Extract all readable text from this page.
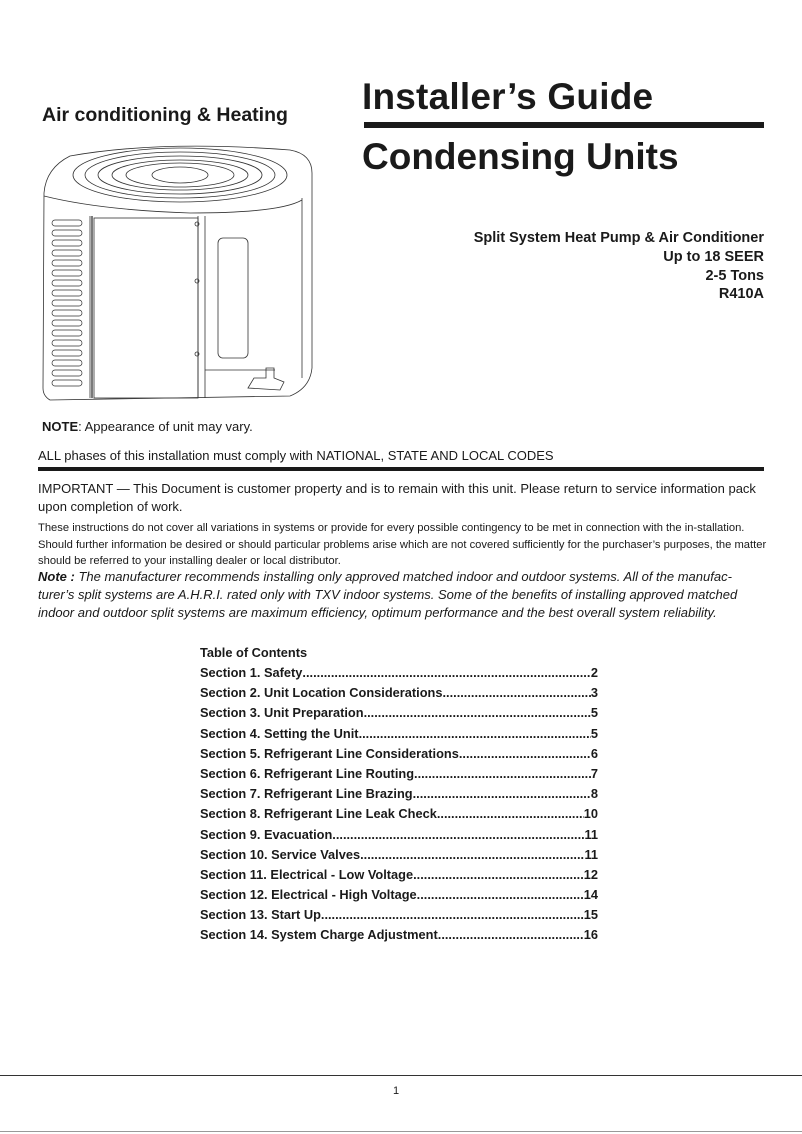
Air conditioning & Heating Installer’s Guide
Condensing Units
Split System Heat Pump & Air Conditioner
Up to 18 SEER
2-5 Tons
R410A
NOTE: Appearance of unit may vary.
ALL phases of this installation must comply with NATIONAL, STATE AND LOCAL CODES
IMPORTANT — This Document is customer property and is to remain with this unit. Please return to service information pack upon completion of work.
These instructions do not cover all variations in systems or provide for every possible contingency to be met in connection with the in-stallation. Should further information be desired or should particular problems arise which are not covered sufficiently for the purchaser’s purposes, the matter should be referred to your installing dealer or local distributor.
Note : The manufacturer recommends installing only approved matched indoor and outdoor systems. All of the manufac-turer’s split systems are A.H.R.I. rated only with TXV indoor systems. Some of the benefits of installing approved matched indoor and outdoor split systems are maximum efficiency, optimum performance and the best overall system reliability.
Table of Contents
Section 1. Safety .....	2
Section 2. Unit Location Considerations .....	3
Section 3. Unit Preparation .....	5
Section 4. Setting the Unit .....	5
Section 5. Refrigerant Line Considerations .....	6
Section 6. Refrigerant Line Routing .....	7
Section 7. Refrigerant Line Brazing .....	8
Section 8. Refrigerant Line Leak Check .....	10
Section 9. Evacuation .....	11
Section 10. Service Valves .....	11
Section 11. Electrical - Low Voltage .....	12
Section 12. Electrical - High Voltage .....	14
Section 13. Start Up .....	15
Section 14. System Charge Adjustment .....	16
1
